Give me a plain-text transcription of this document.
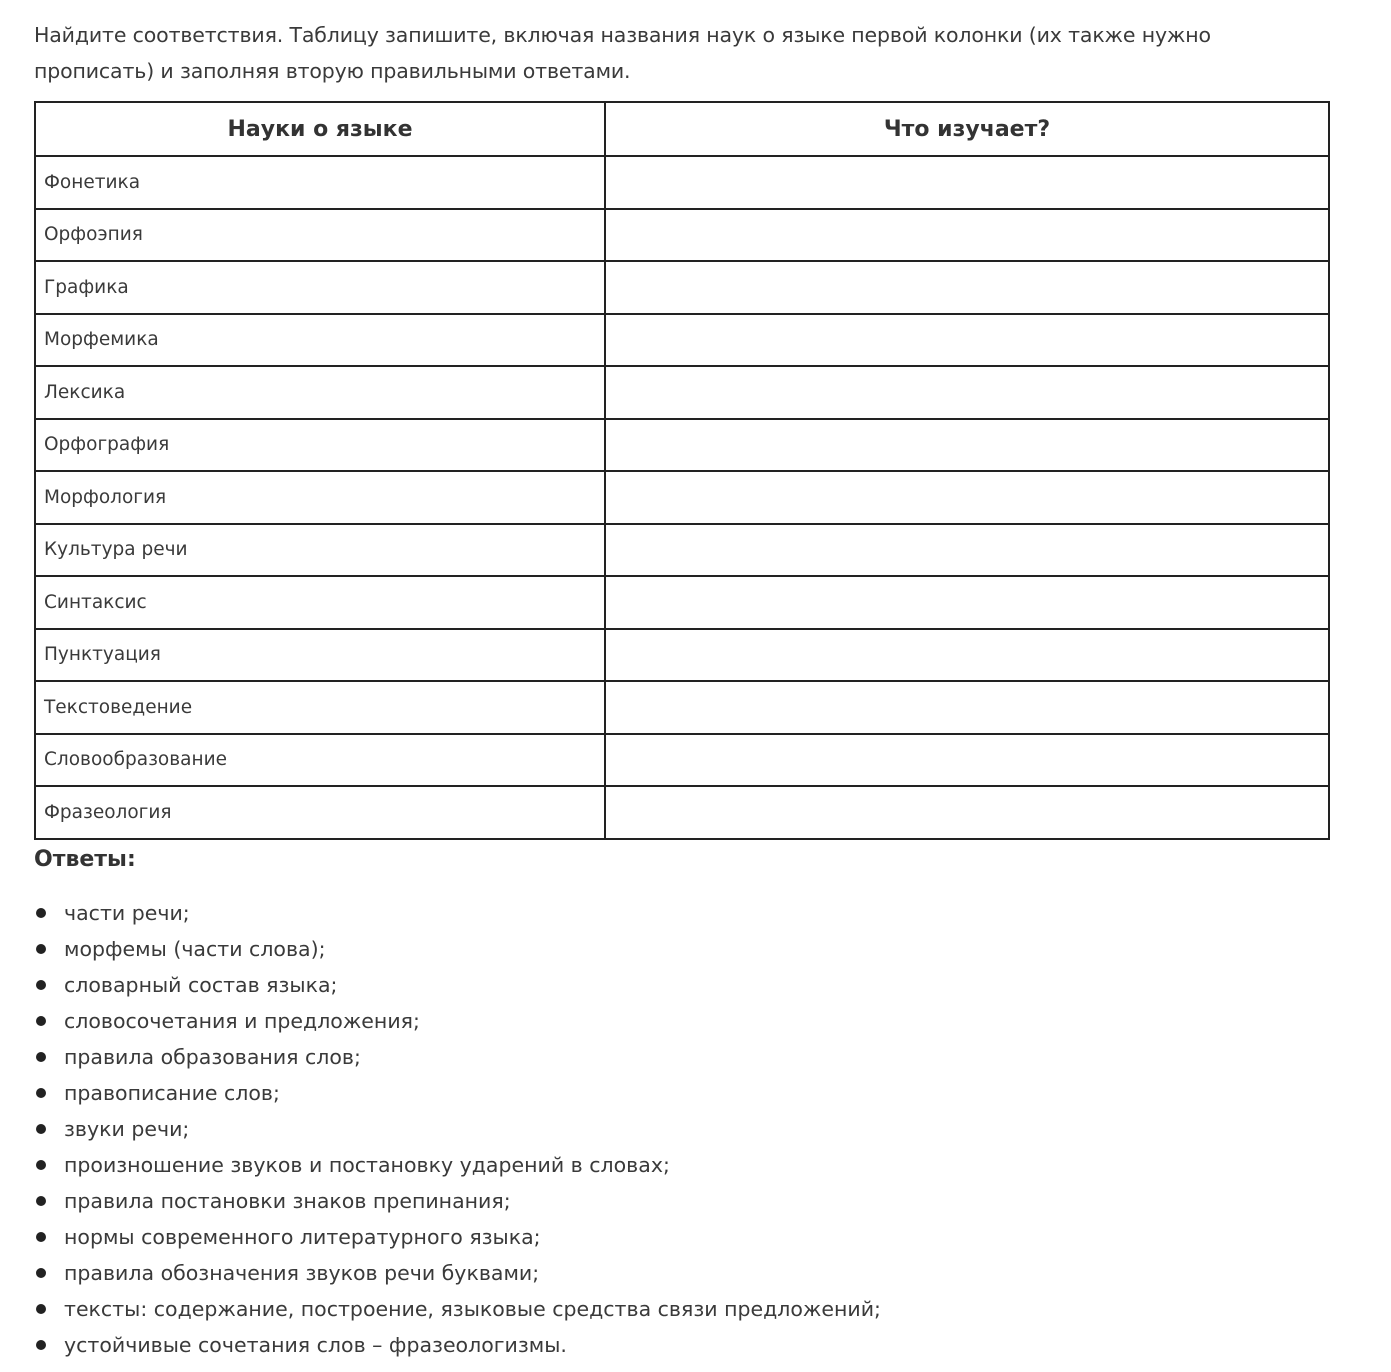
Найдите соответствия. Таблицу запишите, включая названия наук о языке первой колонки (их также нужно прописать) и заполняя вторую правильными ответами.

Науки о языке	Что изучает?
Фонетика	
Орфоэпия	
Графика	
Морфемика	
Лексика	
Орфография	
Морфология	
Культура речи	
Синтаксис	
Пунктуация	
Текстоведение	
Словообразование	
Фразеология	
Ответы:
части речи;
морфемы (части слова);
словарный состав языка;
словосочетания и предложения;
правила образования слов;
правописание слов;
звуки речи;
произношение звуков и постановку ударений в словах;
правила постановки знаков препинания;
нормы современного литературного языка;
правила обозначения звуков речи буквами;
тексты: содержание, построение, языковые средства связи предложений;
устойчивые сочетания слов – фразеологизмы.
